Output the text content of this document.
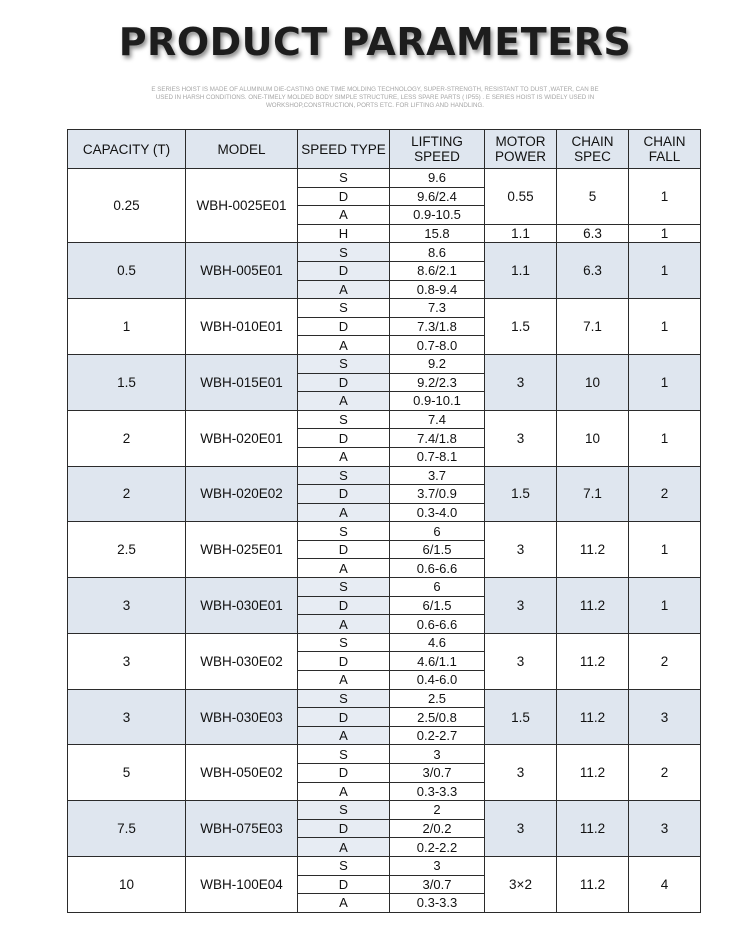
PRODUCT PARAMETERS
E SERIES HOIST IS MADE OF ALUMINUM DIE-CASTING ONE TIME MOLDING TECHNOLOGY, SUPER-STRENGTH, RESISTANT TO DUST ,WATER, CAN BE USED IN HARSH CONDITIONS. ONE-TIMELY MOLDED BODY SIMPLE STRUCTURE, LESS SPARE PARTS ( IP55) . E SERIES HOIST IS WIDELY USED IN WORKSHOP,CONSTRUCTION, PORTS ETC. FOR LIFTING AND HANDLING.
CAPACITY (T)	MODEL	SPEED TYPE	LIFTING SPEED	MOTOR POWER	CHAIN SPEC	CHAIN FALL
0.25	WBH-0025E01	S	9.6	0.55	5	1
		D	9.6/2.4			
		A	0.9-10.5			
		H	15.8	1.1	6.3	1
0.5	WBH-005E01	S	8.6	1.1	6.3	1
		D	8.6/2.1			
		A	0.8-9.4			
1	WBH-010E01	S	7.3	1.5	7.1	1
		D	7.3/1.8			
		A	0.7-8.0			
1.5	WBH-015E01	S	9.2	3	10	1
		D	9.2/2.3			
		A	0.9-10.1			
2	WBH-020E01	S	7.4	3	10	1
		D	7.4/1.8			
		A	0.7-8.1			
2	WBH-020E02	S	3.7	1.5	7.1	2
		D	3.7/0.9			
		A	0.3-4.0			
2.5	WBH-025E01	S	6	3	11.2	1
		D	6/1.5			
		A	0.6-6.6			
3	WBH-030E01	S	6	3	11.2	1
		D	6/1.5			
		A	0.6-6.6			
3	WBH-030E02	S	4.6	3	11.2	2
		D	4.6/1.1			
		A	0.4-6.0			
3	WBH-030E03	S	2.5	1.5	11.2	3
		D	2.5/0.8			
		A	0.2-2.7			
5	WBH-050E02	S	3	3	11.2	2
		D	3/0.7			
		A	0.3-3.3			
7.5	WBH-075E03	S	2	3	11.2	3
		D	2/0.2			
		A	0.2-2.2			
10	WBH-100E04	S	3	3×2	11.2	4
		D	3/0.7			
		A	0.3-3.3			
